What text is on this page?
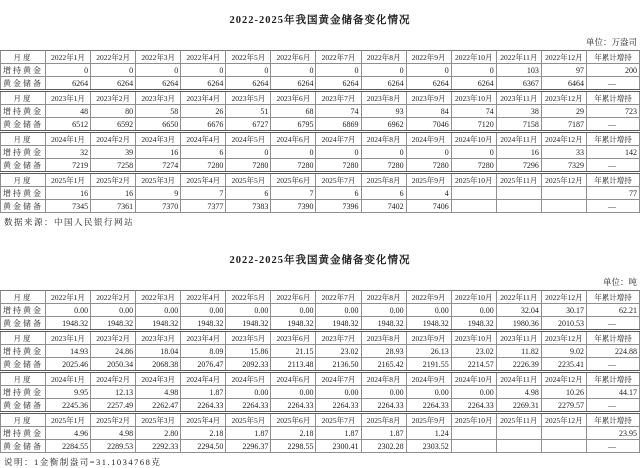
2022-2025年我国黄金储备变化情况
单位：万盎司
月度	2022年1月	2022年2月	2022年3月	2022年4月	2022年5月	2022年6月	2022年7月	2022年8月	2022年9月	2022年10月	2022年11月	2022年12月	年累计增持
增持黄金	0	0	0	0	0	0	0	0	0	0	103	97	200
黄金储备	6264	6264	6264	6264	6264	6264	6264	6264	6264	6264	6367	6464	—
月度	2023年1月	2023年2月	2023年3月	2023年4月	2023年5月	2023年6月	2023年7月	2023年8月	2023年9月	2023年10月	2023年11月	2023年12月	年累计增持
增持黄金	48	80	58	26	51	68	74	93	84	74	38	29	723
黄金储备	6512	6592	6650	6676	6727	6795	6869	6962	7046	7120	7158	7187	—
月度	2024年1月	2024年2月	2024年3月	2024年4月	2024年5月	2024年6月	2024年7月	2024年8月	2024年9月	2024年10月	2024年11月	2024年12月	年累计增持
增持黄金	32	39	16	6	0	0	0	0	0	0	16	33	142
黄金储备	7219	7258	7274	7280	7280	7280	7280	7280	7280	7280	7296	7329	—
月度	2025年1月	2025年2月	2025年3月	2025年4月	2025年5月	2025年6月	2025年7月	2025年8月	2025年9月	2025年10月	2025年11月	2025年12月	年累计增持
增持黄金	16	16	9	7	6	7	6	6	4				77
黄金储备	7345	7361	7370	7377	7383	7390	7396	7402	7406				—
数据来源：中国人民银行网站
2022-2025年我国黄金储备变化情况
单位：吨
月度	2022年1月	2022年2月	2022年3月	2022年4月	2022年5月	2022年6月	2022年7月	2022年8月	2022年9月	2022年10月	2022年11月	2022年12月	年累计增持
增持黄金	0.00	0.00	0.00	0.00	0.00	0.00	0.00	0.00	0.00	0.00	32.04	30.17	62.21
黄金储备	1948.32	1948.32	1948.32	1948.32	1948.32	1948.32	1948.32	1948.32	1948.32	1948.32	1980.36	2010.53	—
月度	2023年1月	2023年2月	2023年3月	2023年4月	2023年5月	2023年6月	2023年7月	2023年8月	2023年9月	2023年10月	2023年11月	2023年12月	年累计增持
增持黄金	14.93	24.86	18.04	8.09	15.86	21.15	23.02	28.93	26.13	23.02	11.82	9.02	224.88
黄金储备	2025.46	2050.34	2068.38	2076.47	2092.33	2113.48	2136.50	2165.42	2191.55	2214.57	2226.39	2235.41	—
月度	2024年1月	2024年2月	2024年3月	2024年4月	2024年5月	2024年6月	2024年7月	2024年8月	2024年9月	2024年10月	2024年11月	2024年12月	年累计增持
增持黄金	9.95	12.13	4.98	1.87	0.00	0.00	0.00	0.00	0.00	0.00	4.98	10.26	44.17
黄金储备	2245.36	2257.49	2262.47	2264.33	2264.33	2264.33	2264.33	2264.33	2264.33	2264.33	2269.31	2279.57	—
月度	2025年1月	2025年2月	2025年3月	2025年4月	2025年5月	2025年6月	2025年7月	2025年8月	2025年9月	2025年10月	2025年11月	2025年12月	年累计增持
增持黄金	4.96	4.98	2.80	2.18	1.87	2.18	1.87	1.87	1.24				23.95
黄金储备	2284.55	2289.53	2292.33	2294.50	2296.37	2298.55	2300.41	2302.28	2303.52				—
说明：1金衡制盎司=31.1034768克
